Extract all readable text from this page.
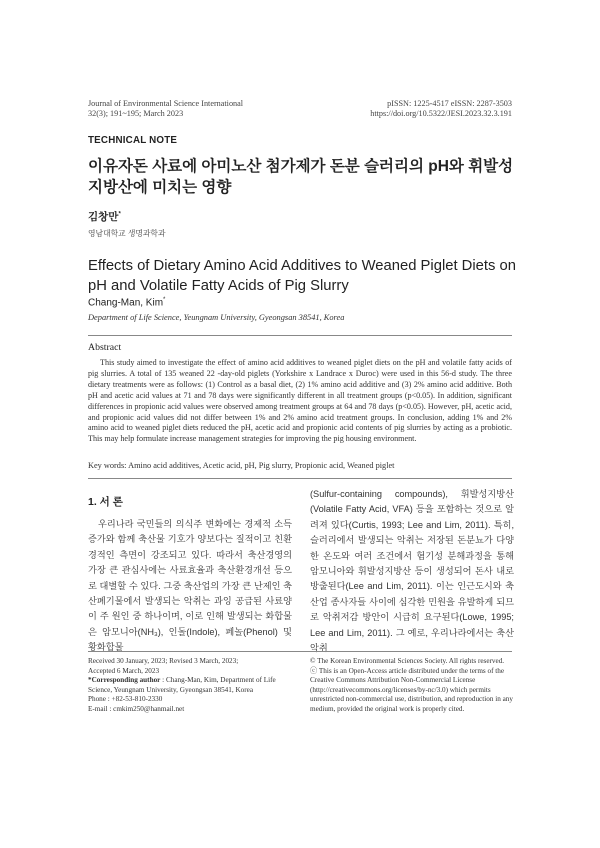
Journal of Environmental Science International
32(3); 191~195; March 2023
pISSN: 1225-4517 eISSN: 2287-3503
https://doi.org/10.5322/JESI.2023.32.3.191
TECHNICAL NOTE
이유자돈 사료에 아미노산 첨가제가 돈분 슬러리의 pH와 휘발성지방산에 미치는 영향
김창만*
영남대학교 생명과학과
Effects of Dietary Amino Acid Additives to Weaned Piglet Diets on pH and Volatile Fatty Acids of Pig Slurry
Chang-Man, Kim*
Department of Life Science, Yeungnam University, Gyeongsan 38541, Korea
Abstract
This study aimed to investigate the effect of amino acid additives to weaned piglet diets on the pH and volatile fatty acids of pig slurries. A total of 135 weaned 22 -day-old piglets (Yorkshire x Landrace x Duroc) were used in this 56-d study. The three dietary treatments were as follows: (1) Control as a basal diet, (2) 1% amino acid additive and (3) 2% amino acid additive. Both pH and acetic acid values at 71 and 78 days were significantly different in all treatment groups (p<0.05). In addition, significant differences in propionic acid values were observed among treatment groups at 64 and 78 days (p<0.05). However, pH, acetic acid, and propionic acid values did not differ between 1% and 2% amino acid treatment groups. In conclusion, adding 1% and 2% amino acid to weaned piglet diets reduced the pH, acetic acid and propionic acid contents of pig slurries by acting as a probiotic. This may help formulate increase management strategies for improving the pig housing environment.
Key words: Amino acid additives, Acetic acid, pH, Pig slurry, Propionic acid, Weaned piglet
1. 서 론
우리나라 국민들의 의식주 변화에는 경제적 소득 증가와 함께 축산물 기호가 양보다는 질적이고 친환경적인 측면이 강조되고 있다. 따라서 축산경영의 가장 큰 관심사에는 사료효율과 축산환경개선 등으로 대별할 수 있다. 그중 축산업의 가장 큰 난제인 축산폐기물에서 발생되는 악취는 과잉 공급된 사료양이 주 원인 중 하나이며, 이로 인해 발생되는 화합물은 암모니아(NH₃), 인돌(Indole), 페놀(Phenol) 및 황화합물
(Sulfur-containing compounds), 휘발성지방산 (Volatile Fatty Acid, VFA) 등을 포함하는 것으로 알려져 있다(Curtis, 1993; Lee and Lim, 2011). 특히, 슬러리에서 발생되는 악취는 저장된 돈분뇨가 다양한 온도와 여러 조건에서 혐기성 분해과정을 통해 암모니아와 휘발성지방산 등이 생성되어 돈사 내로 방출된다(Lee and Lim, 2011). 이는 인근도시와 축산업 종사자들 사이에 심각한 민원을 유발하게 되므로 악취저감 방안이 시급히 요구된다(Lowe, 1995; Lee and Lim, 2011). 그 예로, 우리나라에서는 축산악취
Received 30 January, 2023; Revised 3 March, 2023;
Accepted 6 March, 2023
*Corresponding author : Chang-Man, Kim, Department of Life Science, Yeungnam University, Gyeongsan 38541, Korea
Phone : +82-53-810-2330
E-mail : cmkim250@hanmail.net
© The Korean Environmental Sciences Society. All rights reserved.
ⓒ This is an Open-Access article distributed under the terms of the Creative Commons Attribution Non-Commercial License (http://creativecommons.org/licenses/by-nc/3.0) which permits unrestricted non-commercial use, distribution, and reproduction in any medium, provided the original work is properly cited.
